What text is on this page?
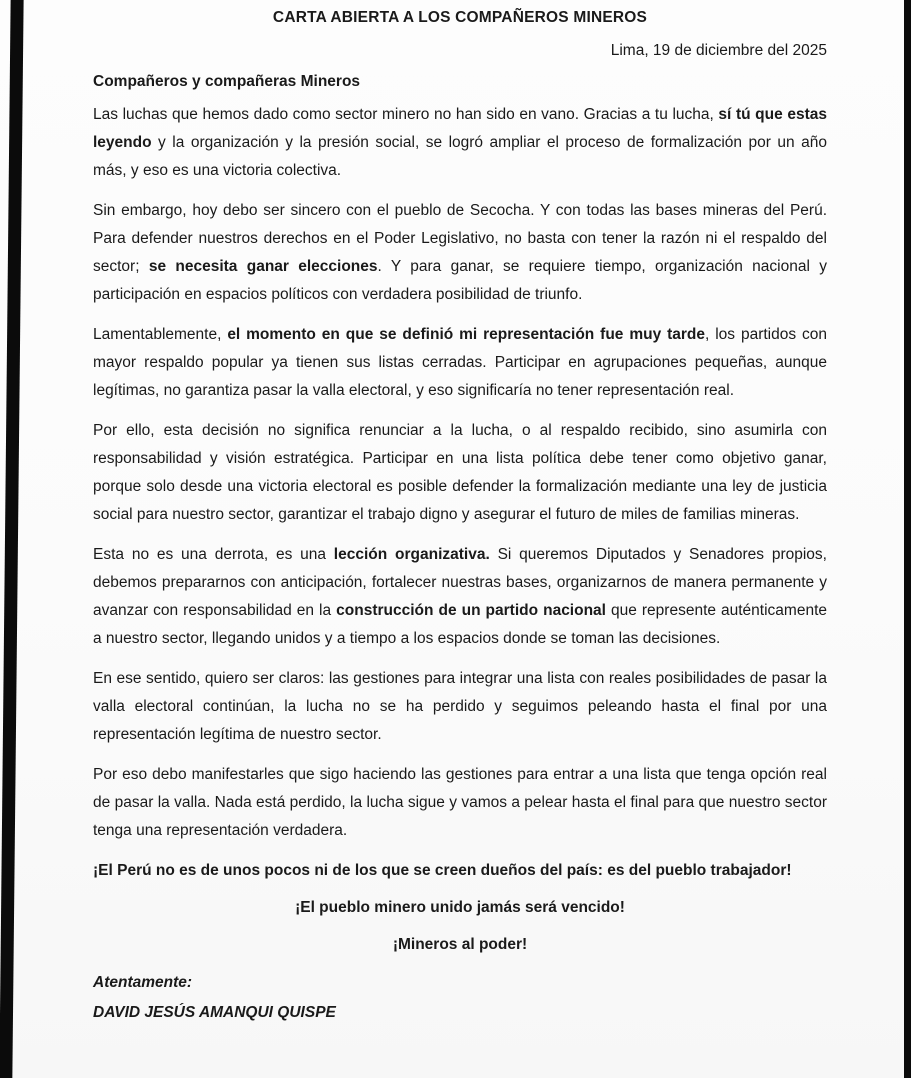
CARTA ABIERTA A LOS COMPAÑEROS MINEROS
Lima, 19 de diciembre del 2025
Compañeros y compañeras Mineros

Las luchas que hemos dado como sector minero no han sido en vano. Gracias a tu lucha, sí tú que estas leyendo y la organización y la presión social, se logró ampliar el proceso de formalización por un año más, y eso es una victoria colectiva.

Sin embargo, hoy debo ser sincero con el pueblo de Secocha. Y con todas las bases mineras del Perú. Para defender nuestros derechos en el Poder Legislativo, no basta con tener la razón ni el respaldo del sector; se necesita ganar elecciones. Y para ganar, se requiere tiempo, organización nacional y participación en espacios políticos con verdadera posibilidad de triunfo.

Lamentablemente, el momento en que se definió mi representación fue muy tarde, los partidos con mayor respaldo popular ya tienen sus listas cerradas. Participar en agrupaciones pequeñas, aunque legítimas, no garantiza pasar la valla electoral, y eso significaría no tener representación real.

Por ello, esta decisión no significa renunciar a la lucha, o al respaldo recibido, sino asumirla con responsabilidad y visión estratégica. Participar en una lista política debe tener como objetivo ganar, porque solo desde una victoria electoral es posible defender la formalización mediante una ley de justicia social para nuestro sector, garantizar el trabajo digno y asegurar el futuro de miles de familias mineras.

Esta no es una derrota, es una lección organizativa. Si queremos Diputados y Senadores propios, debemos prepararnos con anticipación, fortalecer nuestras bases, organizarnos de manera permanente y avanzar con responsabilidad en la construcción de un partido nacional que represente auténticamente a nuestro sector, llegando unidos y a tiempo a los espacios donde se toman las decisiones.

En ese sentido, quiero ser claros: las gestiones para integrar una lista con reales posibilidades de pasar la valla electoral continúan, la lucha no se ha perdido y seguimos peleando hasta el final por una representación legítima de nuestro sector.

Por eso debo manifestarles que sigo haciendo las gestiones para entrar a una lista que tenga opción real de pasar la valla. Nada está perdido, la lucha sigue y vamos a pelear hasta el final para que nuestro sector tenga una representación verdadera.

¡El Perú no es de unos pocos ni de los que se creen dueños del país: es del pueblo trabajador!

¡El pueblo minero unido jamás será vencido!

¡Mineros al poder!

Atentamente:
DAVID JESÚS AMANQUI QUISPE
